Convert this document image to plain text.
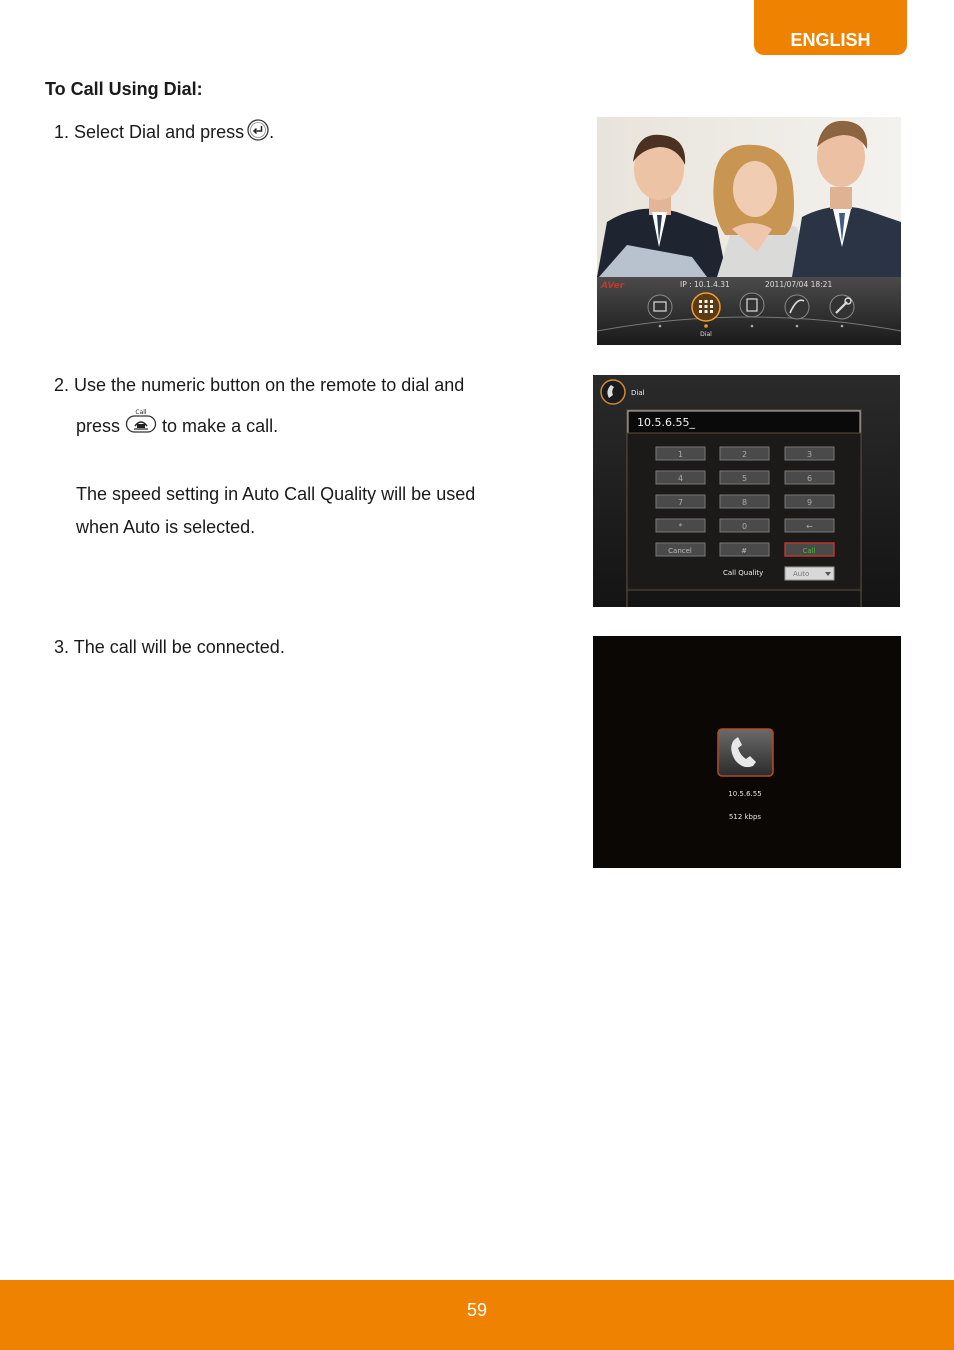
ENGLISH
To Call Using Dial:
1. Select Dial and press .
2. Use the numeric button on the remote to dial and
press
Call
to make a call.
The speed setting in Auto Call Quality will be used
when Auto is selected.
3. The call will be connected.
AVer	IP : 10.1.4.31	2011/07/04 18:21
Dial
Dial
10.5.6.55_
1	2	3
4	5	6
7	8	9
*	0	←
Cancel	#	Call
Call Quality	Auto
10.5.6.55
512 kbps
59
